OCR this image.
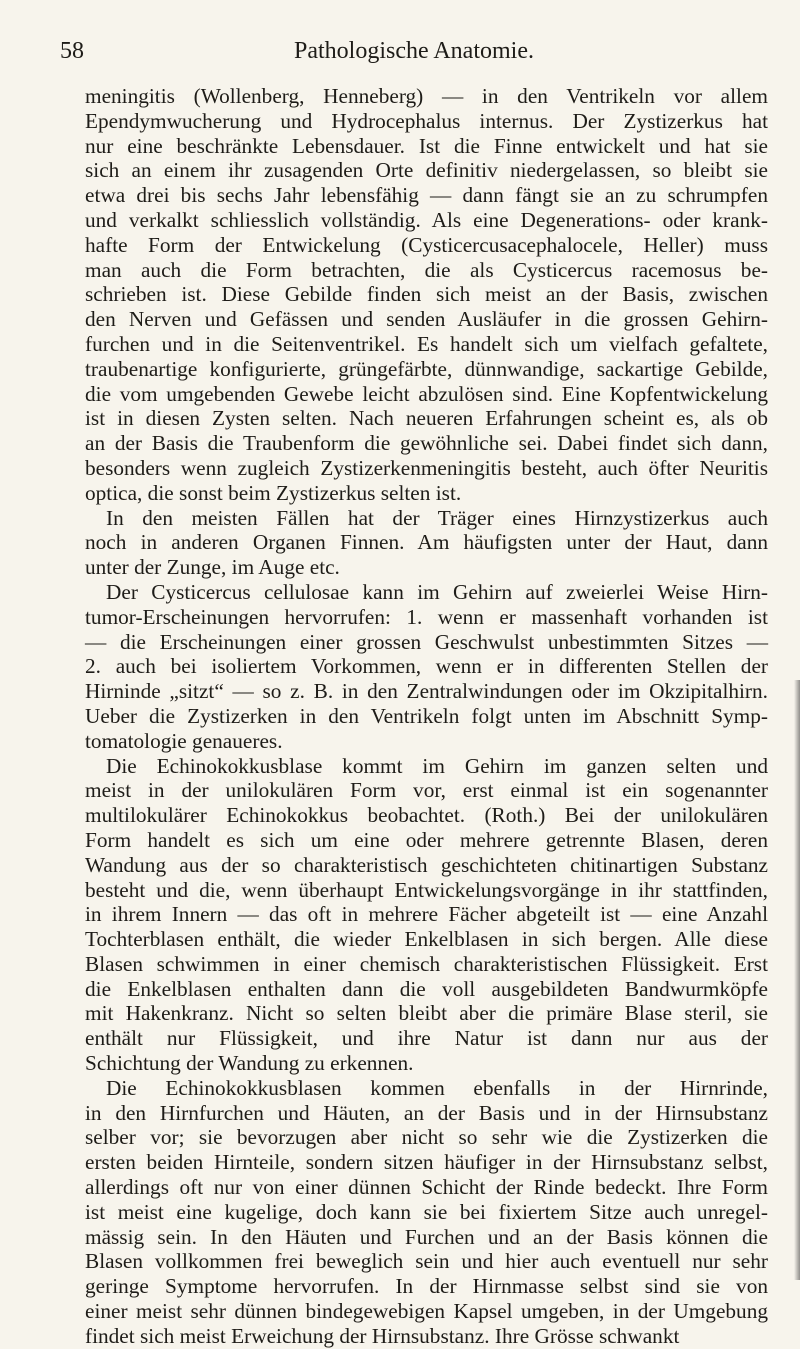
58	Pathologische Anatomie.
meningitis (Wollenberg, Henneberg) — in den Ventrikeln vor allem
Ependymwucherung und Hydrocephalus internus. Der Zystizerkus hat
nur eine beschränkte Lebensdauer. Ist die Finne entwickelt und hat sie
sich an einem ihr zusagenden Orte definitiv niedergelassen, so bleibt sie
etwa drei bis sechs Jahr lebensfähig — dann fängt sie an zu schrumpfen
und verkalkt schliesslich vollständig. Als eine Degenerations- oder krank-
hafte Form der Entwickelung (Cysticercusacephalocele, Heller) muss
man auch die Form betrachten, die als Cysticercus racemosus be-
schrieben ist. Diese Gebilde finden sich meist an der Basis, zwischen
den Nerven und Gefässen und senden Ausläufer in die grossen Gehirn-
furchen und in die Seitenventrikel. Es handelt sich um vielfach gefaltete,
traubenartige konfigurierte, grüngefärbte, dünnwandige, sackartige Gebilde,
die vom umgebenden Gewebe leicht abzulösen sind. Eine Kopfentwickelung
ist in diesen Zysten selten. Nach neueren Erfahrungen scheint es, als ob
an der Basis die Traubenform die gewöhnliche sei. Dabei findet sich dann,
besonders wenn zugleich Zystizerkenmeningitis besteht, auch öfter Neuritis
optica, die sonst beim Zystizerkus selten ist.
In den meisten Fällen hat der Träger eines Hirnzystizerkus auch
noch in anderen Organen Finnen. Am häufigsten unter der Haut, dann
unter der Zunge, im Auge etc.
Der Cysticercus cellulosae kann im Gehirn auf zweierlei Weise Hirn-
tumor-Erscheinungen hervorrufen: 1. wenn er massenhaft vorhanden ist
— die Erscheinungen einer grossen Geschwulst unbestimmten Sitzes —
2. auch bei isoliertem Vorkommen, wenn er in differenten Stellen der
Hirninde „sitzt“ — so z. B. in den Zentralwindungen oder im Okzipitalhirn.
Ueber die Zystizerken in den Ventrikeln folgt unten im Abschnitt Symp-
tomatologie genaueres.
Die Echinokokkusblase kommt im Gehirn im ganzen selten und
meist in der unilokulären Form vor, erst einmal ist ein sogenannter
multilokulärer Echinokokkus beobachtet. (Roth.) Bei der unilokulären
Form handelt es sich um eine oder mehrere getrennte Blasen, deren
Wandung aus der so charakteristisch geschichteten chitinartigen Substanz
besteht und die, wenn überhaupt Entwickelungsvorgänge in ihr stattfinden,
in ihrem Innern — das oft in mehrere Fächer abgeteilt ist — eine Anzahl
Tochterblasen enthält, die wieder Enkelblasen in sich bergen. Alle diese
Blasen schwimmen in einer chemisch charakteristischen Flüssigkeit. Erst
die Enkelblasen enthalten dann die voll ausgebildeten Bandwurmköpfe
mit Hakenkranz. Nicht so selten bleibt aber die primäre Blase steril, sie
enthält nur Flüssigkeit, und ihre Natur ist dann nur aus der
Schichtung der Wandung zu erkennen.
Die Echinokokkusblasen kommen ebenfalls in der Hirnrinde,
in den Hirnfurchen und Häuten, an der Basis und in der Hirnsubstanz
selber vor; sie bevorzugen aber nicht so sehr wie die Zystizerken die
ersten beiden Hirnteile, sondern sitzen häufiger in der Hirnsubstanz selbst,
allerdings oft nur von einer dünnen Schicht der Rinde bedeckt. Ihre Form
ist meist eine kugelige, doch kann sie bei fixiertem Sitze auch unregel-
mässig sein. In den Häuten und Furchen und an der Basis können die
Blasen vollkommen frei beweglich sein und hier auch eventuell nur sehr
geringe Symptome hervorrufen. In der Hirnmasse selbst sind sie von
einer meist sehr dünnen bindegewebigen Kapsel umgeben, in der Umgebung
findet sich meist Erweichung der Hirnsubstanz. Ihre Grösse schwankt
